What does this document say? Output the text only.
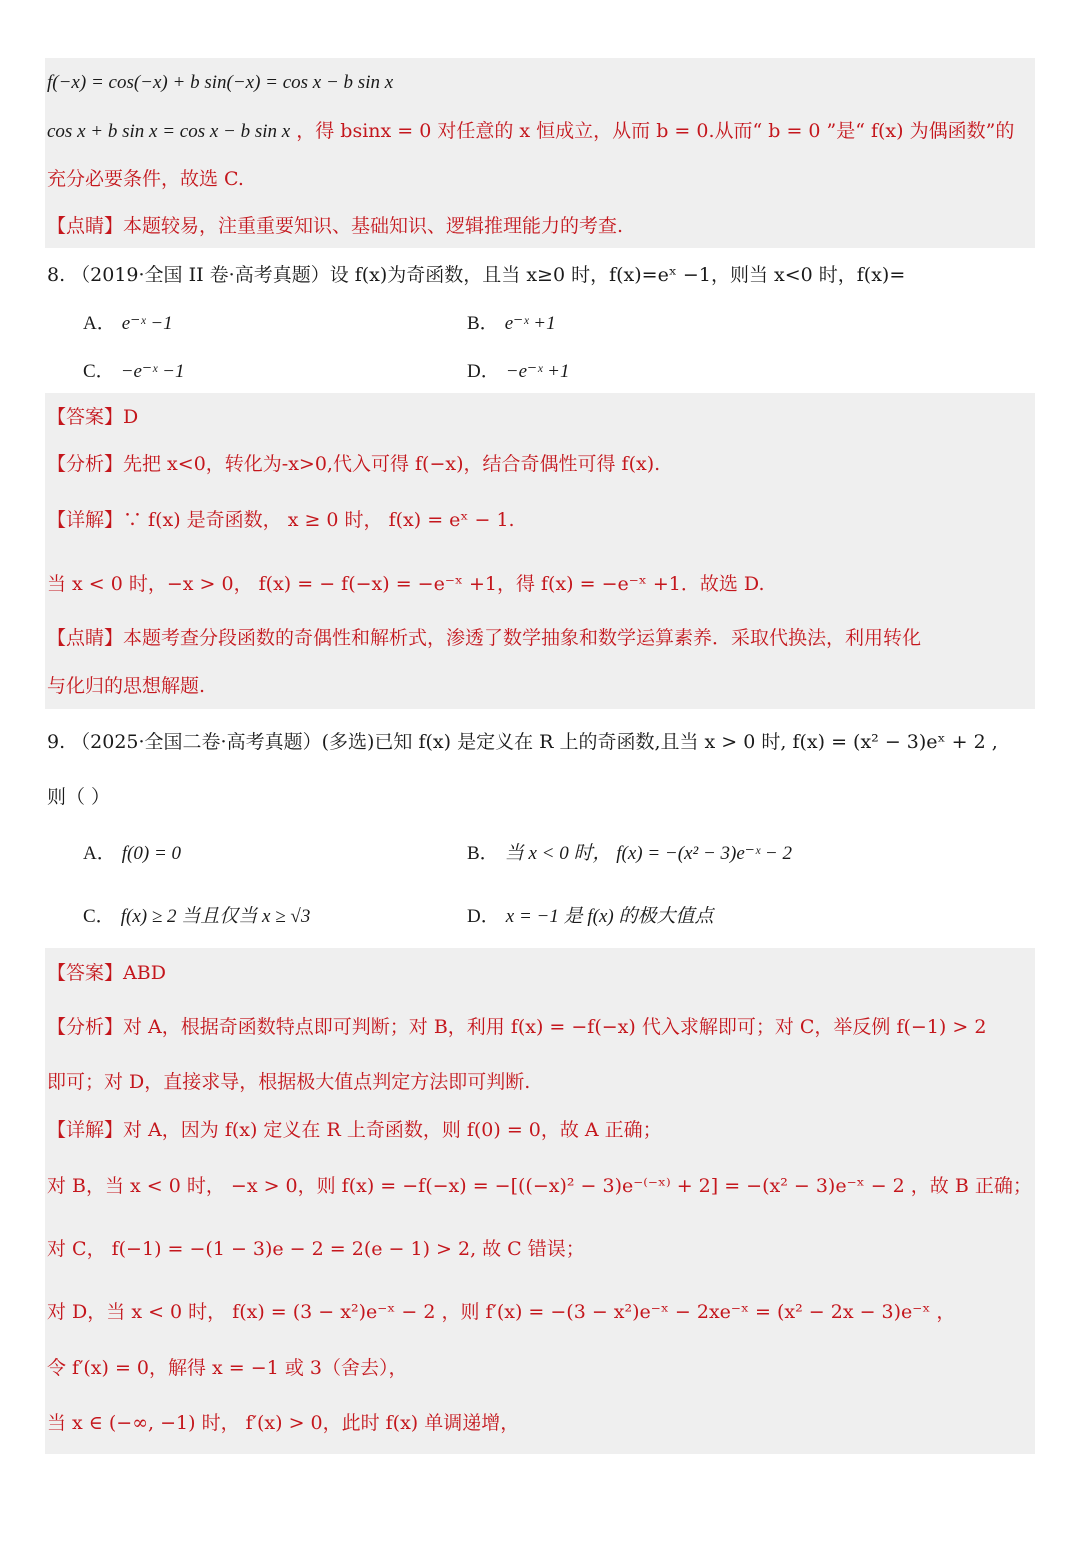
f(−x) = cos(−x) + b sin(−x) = cos x − b sin x
cos x + b sin x = cos x − b sin x ，得 bsinx = 0 对任意的 x 恒成立，从而 b = 0.从而“ b = 0 ”是“ f(x) 为偶函数”的
充分必要条件，故选 C.
【点睛】本题较易，注重重要知识、基础知识、逻辑推理能力的考查.
8. （2019·全国 II 卷·高考真题）设 f(x)为奇函数，且当 x≥0 时，f(x)=eˣ −1，则当 x<0 时，f(x)=
A． e⁻ˣ −1	B． e⁻ˣ +1
C． −e⁻ˣ −1	D． −e⁻ˣ +1
【答案】D
【分析】先把 x<0，转化为-x>0,代入可得 f(−x)，结合奇偶性可得 f(x).
【详解】∵ f(x) 是奇函数， x ≥ 0 时， f(x) = eˣ − 1.
当 x < 0 时，−x > 0， f(x) = − f(−x) = −e⁻ˣ +1，得 f(x) = −e⁻ˣ +1．故选 D.
【点睛】本题考查分段函数的奇偶性和解析式，渗透了数学抽象和数学运算素养．采取代换法，利用转化
与化归的思想解题.
9. （2025·全国二卷·高考真题）(多选)已知 f(x) 是定义在 R 上的奇函数,且当 x > 0 时, f(x) = (x² − 3)eˣ + 2 ,
则（ ）
A． f(0) = 0	B． 当 x < 0 时， f(x) = −(x² − 3)e⁻ˣ − 2
C． f(x) ≥ 2 当且仅当 x ≥ √3	D． x = −1 是 f(x) 的极大值点
【答案】ABD
【分析】对 A，根据奇函数特点即可判断；对 B，利用 f(x) = −f(−x) 代入求解即可；对 C，举反例 f(−1) > 2
即可；对 D，直接求导，根据极大值点判定方法即可判断.
【详解】对 A，因为 f(x) 定义在 R 上奇函数，则 f(0) = 0，故 A 正确；
对 B，当 x < 0 时， −x > 0，则 f(x) = −f(−x) = −[((−x)² − 3)e⁻⁽⁻ˣ⁾ + 2] = −(x² − 3)e⁻ˣ − 2 ，故 B 正确；
对 C， f(−1) = −(1 − 3)e − 2 = 2(e − 1) > 2, 故 C 错误；
对 D，当 x < 0 时， f(x) = (3 − x²)e⁻ˣ − 2 ，则 f′(x) = −(3 − x²)e⁻ˣ − 2xe⁻ˣ = (x² − 2x − 3)e⁻ˣ ，
令 f′(x) = 0，解得 x = −1 或 3（舍去），
当 x ∈ (−∞, −1) 时， f′(x) > 0，此时 f(x) 单调递增，
